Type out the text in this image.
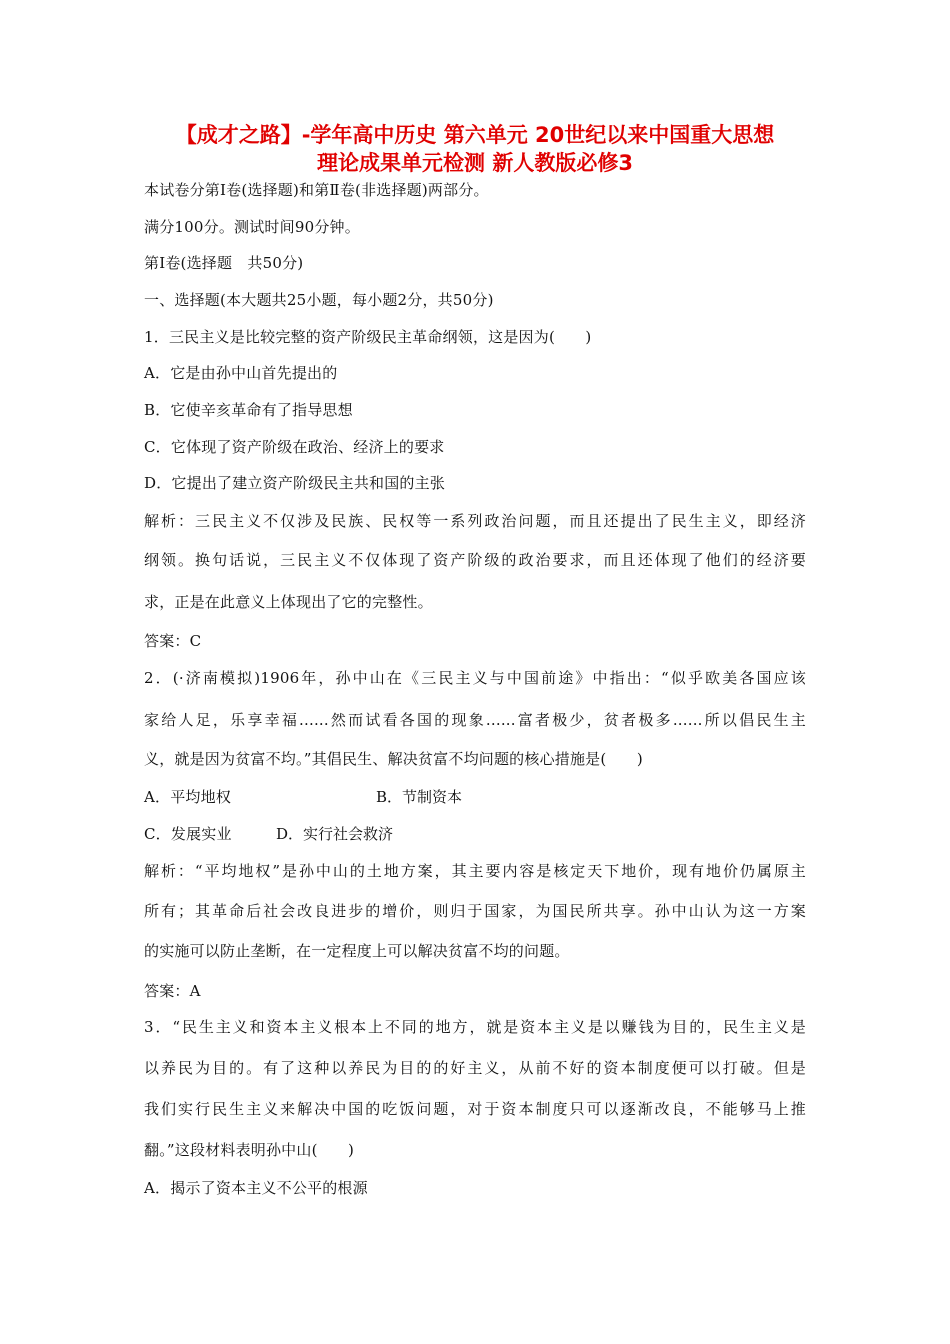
【成才之路】-学年高中历史 第六单元 20世纪以来中国重大思想
理论成果单元检测 新人教版必修3
本试卷分第Ⅰ卷(选择题)和第Ⅱ卷(非选择题)两部分。
满分100分。测试时间90分钟。
第Ⅰ卷(选择题　共50分)
一、选择题(本大题共25小题，每小题2分，共50分)
1．三民主义是比较完整的资产阶级民主革命纲领，这是因为(　　)
A．它是由孙中山首先提出的
B．它使辛亥革命有了指导思想
C．它体现了资产阶级在政治、经济上的要求
D．它提出了建立资产阶级民主共和国的主张
解析：三民主义不仅涉及民族、民权等一系列政治问题，而且还提出了民生主义，即经济
纲领。换句话说，三民主义不仅体现了资产阶级的政治要求，而且还体现了他们的经济要
求，正是在此意义上体现出了它的完整性。
答案：C
2．(·济南模拟)1906年，孙中山在《三民主义与中国前途》中指出：“似乎欧美各国应该
家给人足，乐享幸福......然而试看各国的现象......富者极少，贫者极多......所以倡民生主
义，就是因为贫富不均。”其倡民生、解决贫富不均问题的核心措施是(　　)
A．平均地权	B．节制资本
C．发展实业	D．实行社会救济
解析：“平均地权”是孙中山的土地方案，其主要内容是核定天下地价，现有地价仍属原主
所有；其革命后社会改良进步的增价，则归于国家，为国民所共享。孙中山认为这一方案
的实施可以防止垄断，在一定程度上可以解决贫富不均的问题。
答案：A
3．“民生主义和资本主义根本上不同的地方，就是资本主义是以赚钱为目的，民生主义是
以养民为目的。有了这种以养民为目的的好主义，从前不好的资本制度便可以打破。但是
我们实行民生主义来解决中国的吃饭问题，对于资本制度只可以逐渐改良，不能够马上推
翻。”这段材料表明孙中山(　　)
A．揭示了资本主义不公平的根源
